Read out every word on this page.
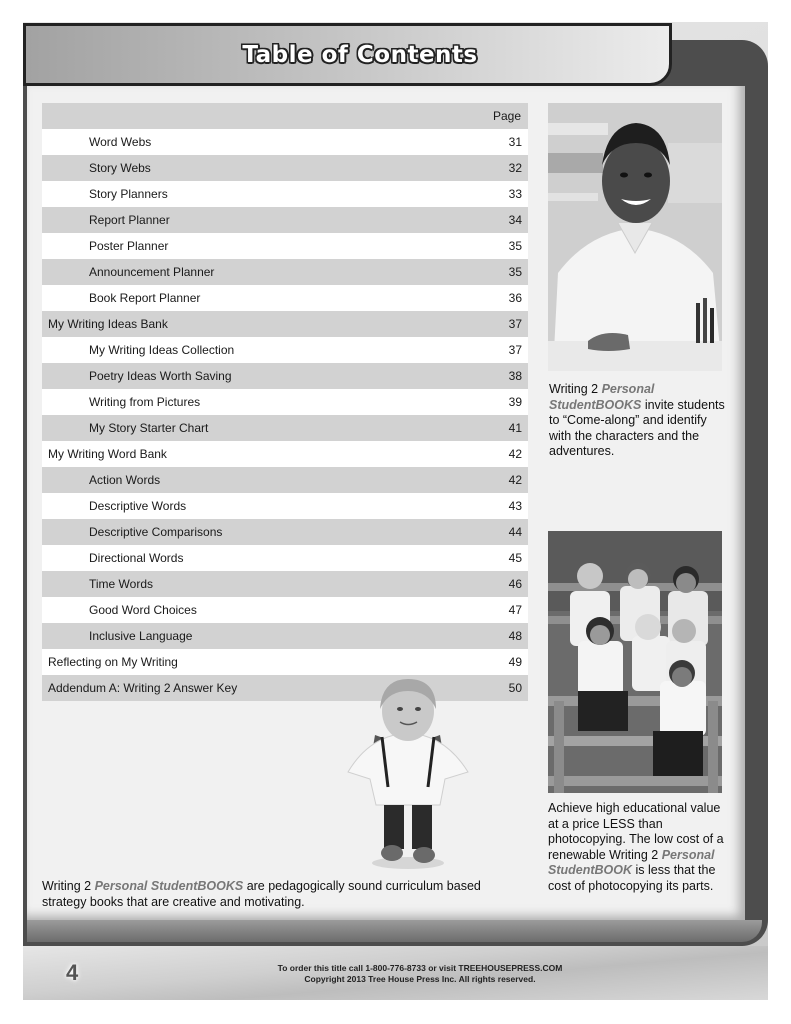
Table of Contents
Page
Word Webs	31
Story Webs	32
Story Planners	33
Report Planner	34
Poster Planner	35
Announcement Planner	35
Book Report Planner	36
My Writing Ideas Bank	37
My Writing Ideas Collection	37
Poetry Ideas Worth Saving	38
Writing from Pictures	39
My Story Starter Chart	41
My Writing Word Bank	42
Action Words	42
Descriptive Words	43
Descriptive Comparisons	44
Directional Words	45
Time Words	46
Good Word Choices	47
Inclusive Language	48
Reflecting on My Writing	49
Addendum A: Writing 2 Answer Key	50
Writing 2 Personal StudentBOOKS invite students to “Come-along” and identify with the characters and the adventures.
Achieve high educational value at a price LESS than photocopying. The low cost of a renewable Writing 2 Personal StudentBOOK is less that the cost of photocopying its parts.
Writing 2 Personal StudentBOOKS are pedagogically sound curriculum based strategy books that are creative and motivating.
4	To order this title call 1-800-776-8733 or visit TREEHOUSEPRESS.COM
Copyright 2013 Tree House Press Inc. All rights reserved.
